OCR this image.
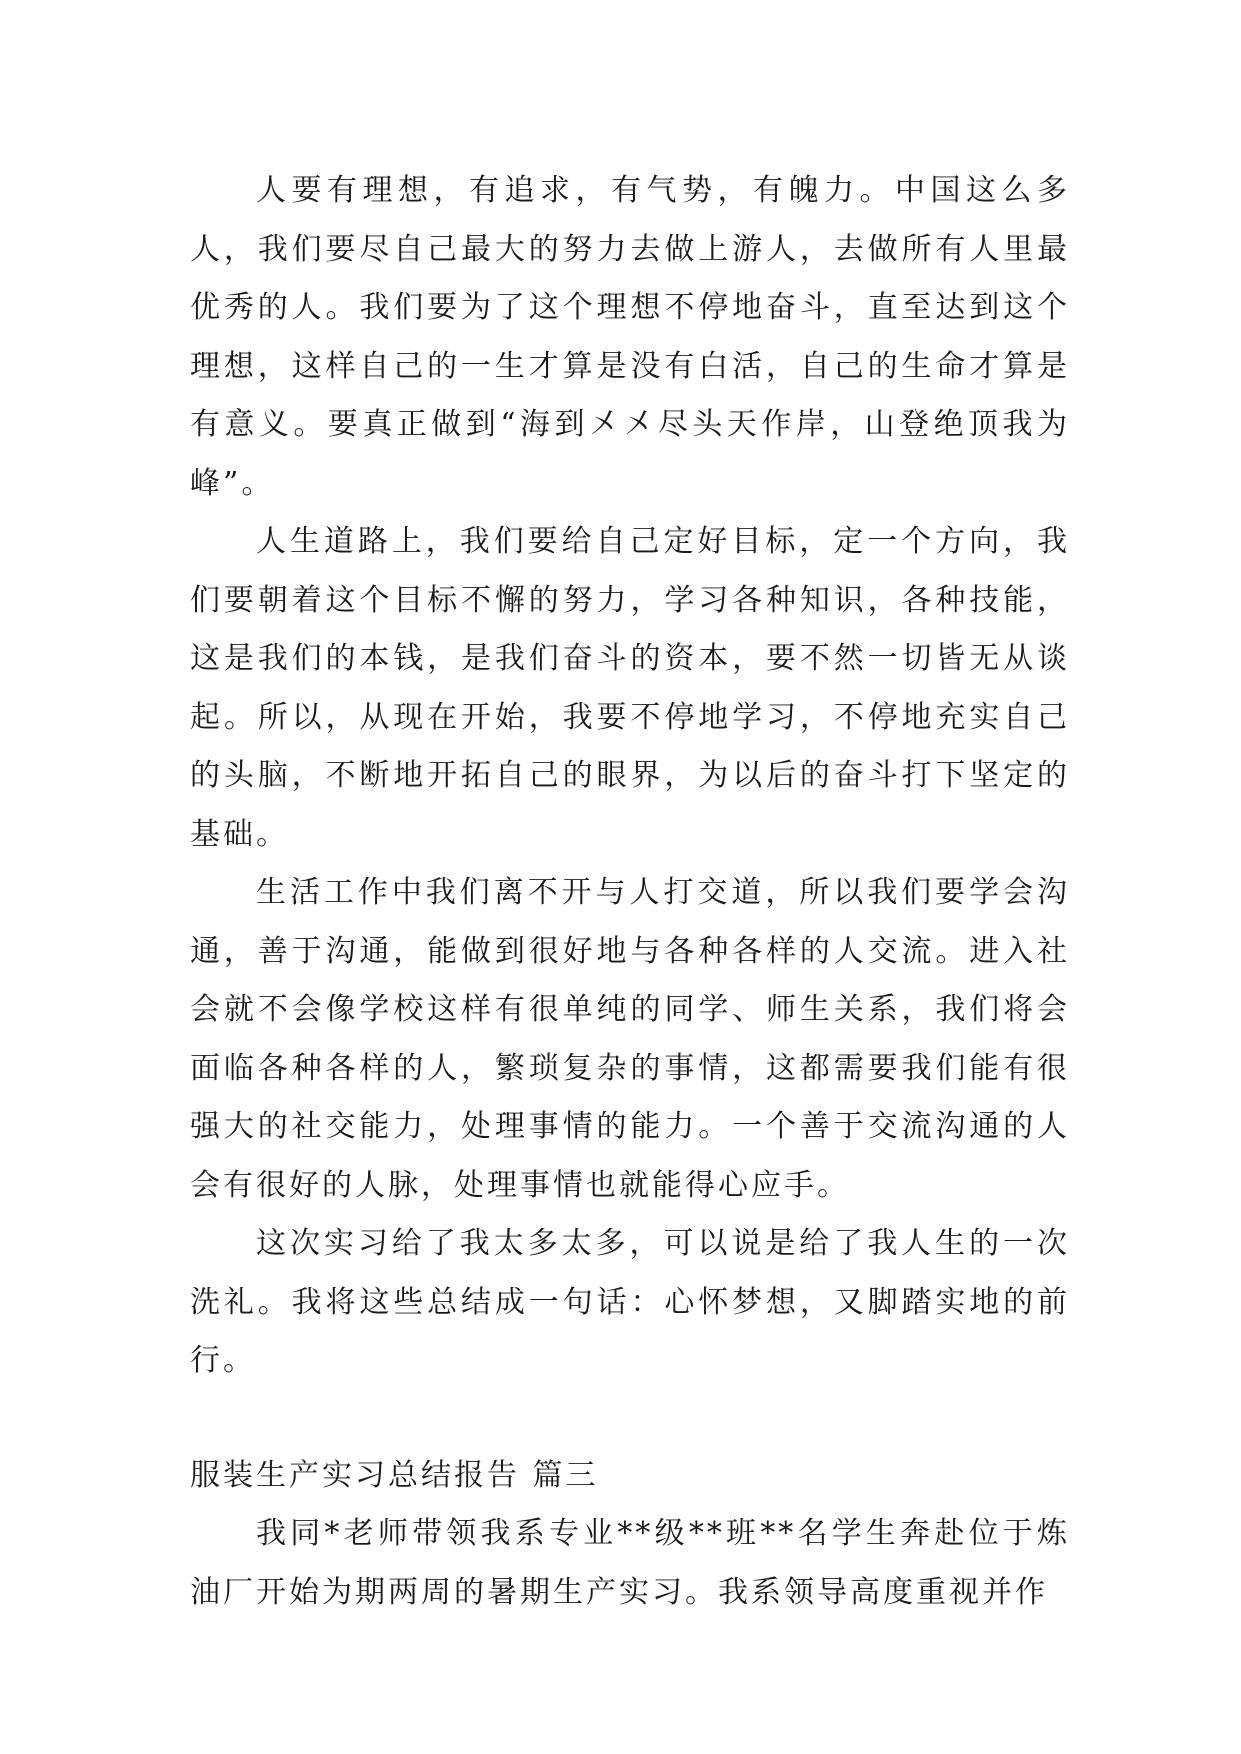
人要有理想，有追求，有气势，有魄力。中国这么多人，我们要尽自己最大的努力去做上游人，去做所有人里最优秀的人。我们要为了这个理想不停地奋斗，直至达到这个理想，这样自己的一生才算是没有白活，自己的生命才算是有意义。要真正做到“海到㐅㐅尽头天作岸，山登绝顶我为峰”。

人生道路上，我们要给自己定好目标，定一个方向，我们要朝着这个目标不懈的努力，学习各种知识，各种技能，这是我们的本钱，是我们奋斗的资本，要不然一切皆无从谈起。所以，从现在开始，我要不停地学习，不停地充实自己的头脑，不断地开拓自己的眼界，为以后的奋斗打下坚定的基础。

生活工作中我们离不开与人打交道，所以我们要学会沟通，善于沟通，能做到很好地与各种各样的人交流。进入社会就不会像学校这样有很单纯的同学、师生关系，我们将会面临各种各样的人，繁琐复杂的事情，这都需要我们能有很强大的社交能力，处理事情的能力。一个善于交流沟通的人会有很好的人脉，处理事情也就能得心应手。

这次实习给了我太多太多，可以说是给了我人生的一次洗礼。我将这些总结成一句话：心怀梦想，又脚踏实地的前行。

服装生产实习总结报告 篇三

我同*老师带领我系专业**级**班**名学生奔赴位于炼油厂开始为期两周的暑期生产实习。我系领导高度重视并作
